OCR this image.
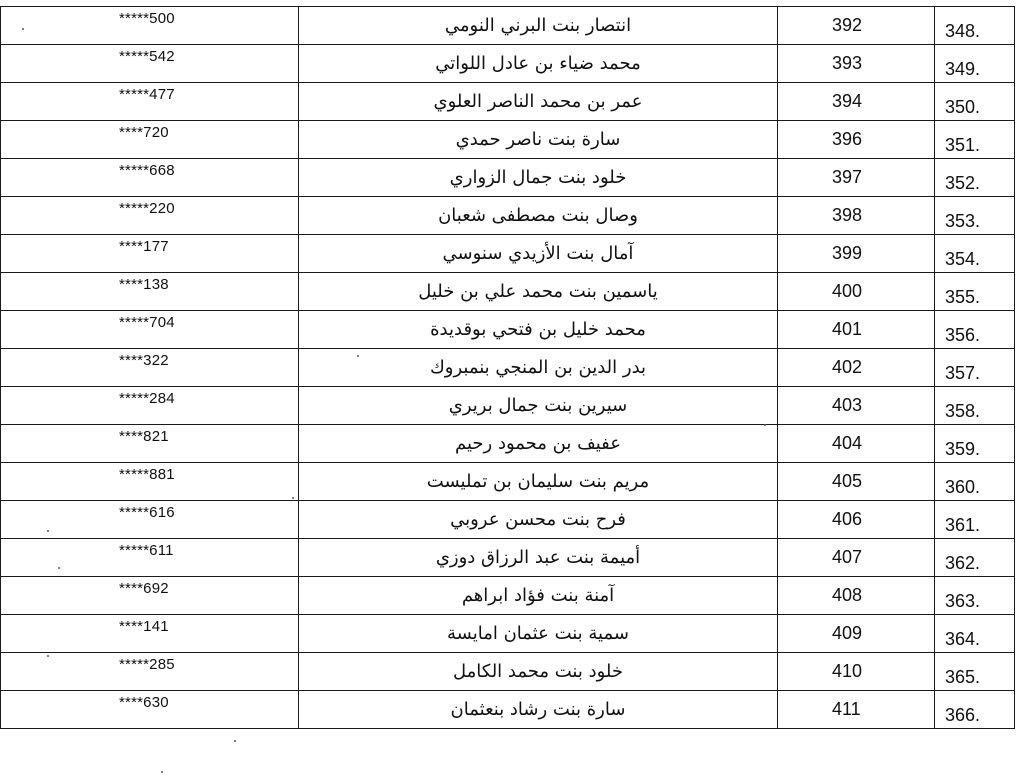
*****500	انتصار بنت البرني النومي	392	348.

*****542	محمد ضياء بن عادل اللواتي	393	349.

*****477	عمر بن محمد الناصر العلوي	394	350.

****720	سارة بنت ناصر حمدي	396	351.

*****668	خلود بنت جمال الزواري	397	352.

*****220	وصال بنت مصطفى شعبان	398	353.

****177	آمال بنت الأزيدي سنوسي	399	354.

****138	ياسمين بنت محمد علي بن خليل	400	355.

*****704	محمد خليل بن فتحي بوقديدة	401	356.

****322	بدر الدين بن المنجي بنمبروك	402	357.

*****284	سيرين بنت جمال بريري	403	358.

****821	عفيف بن محمود رحيم	404	359.

*****881	مريم بنت سليمان بن تمليست	405	360.

*****616	فرح بنت محسن عروبي	406	361.

*****611	أميمة بنت عبد الرزاق دوزي	407	362.

****692	آمنة بنت فؤاد ابراهم	408	363.

****141	سمية بنت عثمان امايسة	409	364.

*****285	خلود بنت محمد الكامل	410	365.

****630	سارة بنت رشاد بنعثمان	411	366.
